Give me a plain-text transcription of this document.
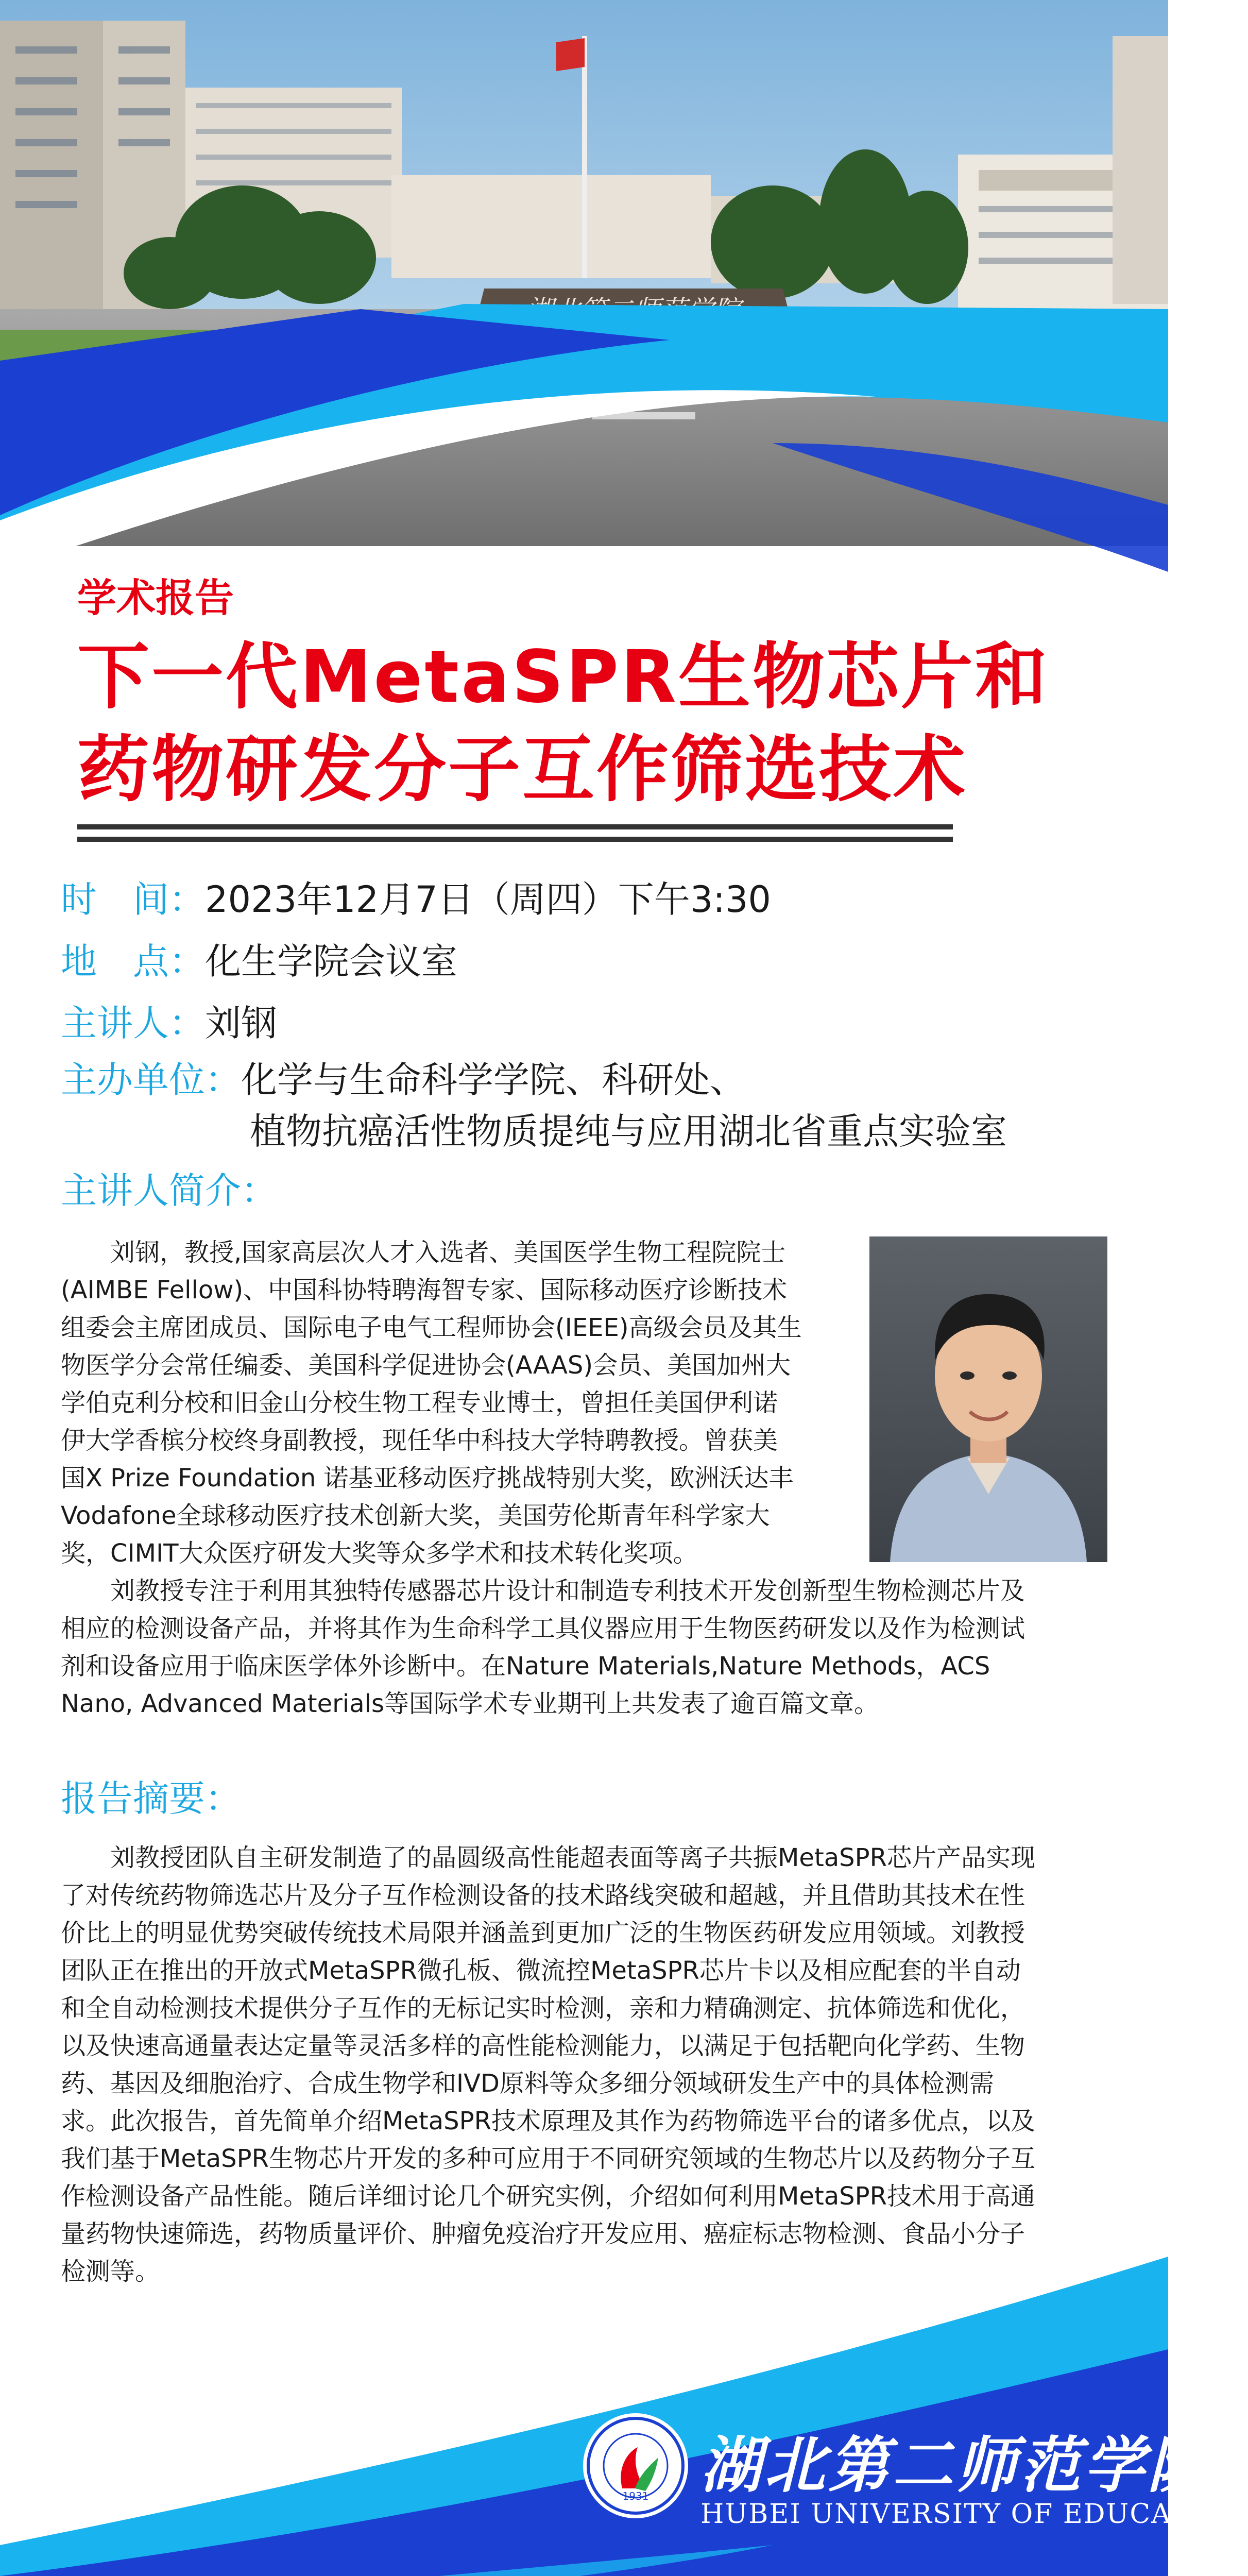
学术报告
下一代MetaSPR生物芯片和
药物研发分子互作筛选技术
时　间：2023年12月7日（周四）下午3:30
地　点：化生学院会议室
主讲人：刘钢
主办单位：化学与生命科学学院、科研处、
植物抗癌活性物质提纯与应用湖北省重点实验室
主讲人简介：
　　刘钢，教授,国家高层次人才入选者、美国医学生物工程院院士
(AIMBE Fellow)、中国科协特聘海智专家、国际移动医疗诊断技术
组委会主席团成员、国际电子电气工程师协会(IEEE)高级会员及其生
物医学分会常任编委、美国科学促进协会(AAAS)会员、美国加州大
学伯克利分校和旧金山分校生物工程专业博士，曾担任美国伊利诺
伊大学香槟分校终身副教授，现任华中科技大学特聘教授。曾获美
国X Prize Foundation 诺基亚移动医疗挑战特别大奖，欧洲沃达丰
Vodafone全球移动医疗技术创新大奖，美国劳伦斯青年科学家大
奖，CIMIT大众医疗研发大奖等众多学术和技术转化奖项。
　　刘教授专注于利用其独特传感器芯片设计和制造专利技术开发创新型生物检测芯片及
相应的检测设备产品，并将其作为生命科学工具仪器应用于生物医药研发以及作为检测试
剂和设备应用于临床医学体外诊断中。在Nature Materials,Nature Methods，ACS
Nano, Advanced Materials等国际学术专业期刊上共发表了逾百篇文章。
报告摘要：
　　刘教授团队自主研发制造了的晶圆级高性能超表面等离子共振MetaSPR芯片产品实现
了对传统药物筛选芯片及分子互作检测设备的技术路线突破和超越，并且借助其技术在性
价比上的明显优势突破传统技术局限并涵盖到更加广泛的生物医药研发应用领域。刘教授
团队正在推出的开放式MetaSPR微孔板、微流控MetaSPR芯片卡以及相应配套的半自动
和全自动检测技术提供分子互作的无标记实时检测，亲和力精确测定、抗体筛选和优化，
以及快速高通量表达定量等灵活多样的高性能检测能力，以满足于包括靶向化学药、生物
药、基因及细胞治疗、合成生物学和IVD原料等众多细分领域研发生产中的具体检测需
求。此次报告，首先简单介绍MetaSPR技术原理及其作为药物筛选平台的诸多优点，以及
我们基于MetaSPR生物芯片开发的多种可应用于不同研究领域的生物芯片以及药物分子互
作检测设备产品性能。随后详细讨论几个研究实例，介绍如何利用MetaSPR技术用于高通
量药物快速筛选，药物质量评价、肿瘤免疫治疗开发应用、癌症标志物检测、食品小分子
检测等。
1931 湖北第二师范学院
HUBEI UNIVERSITY OF EDUCATION
